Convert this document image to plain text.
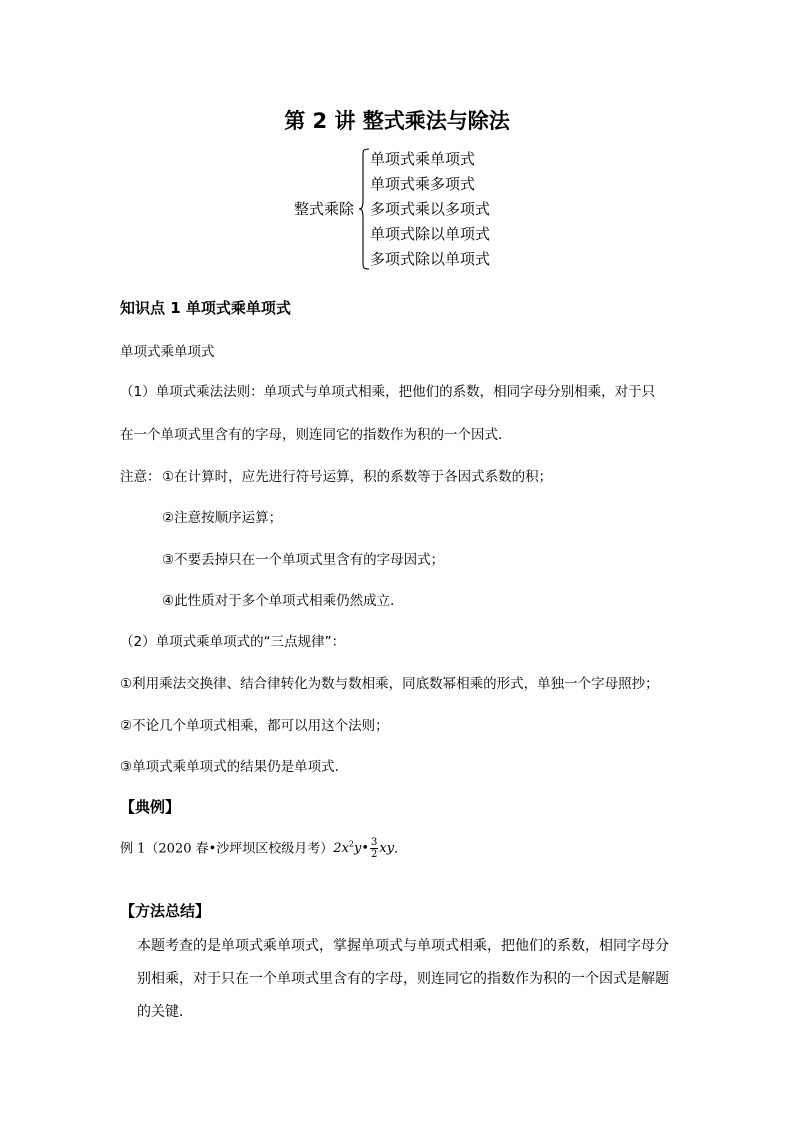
第 2 讲 整式乘法与除法
整式乘除
单项式乘单项式
单项式乘多项式
多项式乘以多项式
单项式除以单项式
多项式除以单项式
知识点 1 单项式乘单项式
单项式乘单项式
（1）单项式乘法法则：单项式与单项式相乘，把他们的系数，相同字母分别相乘，对于只
在一个单项式里含有的字母，则连同它的指数作为积的一个因式．
注意： ①在计算时，应先进行符号运算，积的系数等于各因式系数的积；
②注意按顺序运算；
③不要丢掉只在一个单项式里含有的字母因式；
④此性质对于多个单项式相乘仍然成立．
（2）单项式乘单项式的“三点规律”：
①利用乘法交换律、结合律转化为数与数相乘，同底数幂相乘的形式，单独一个字母照抄；
②不论几个单项式相乘，都可以用这个法则；
③单项式乘单项式的结果仍是单项式．
【典例】
例 1（2020 春•沙坪坝区校级月考）$2x^2y• \frac{3}{2}$ xy．
【方法总结】
本题考查的是单项式乘单项式，掌握单项式与单项式相乘，把他们的系数，相同字母分别相乘，对于只在一个单项式里含有的字母，则连同它的指数作为积的一个因式是解题的关键．
